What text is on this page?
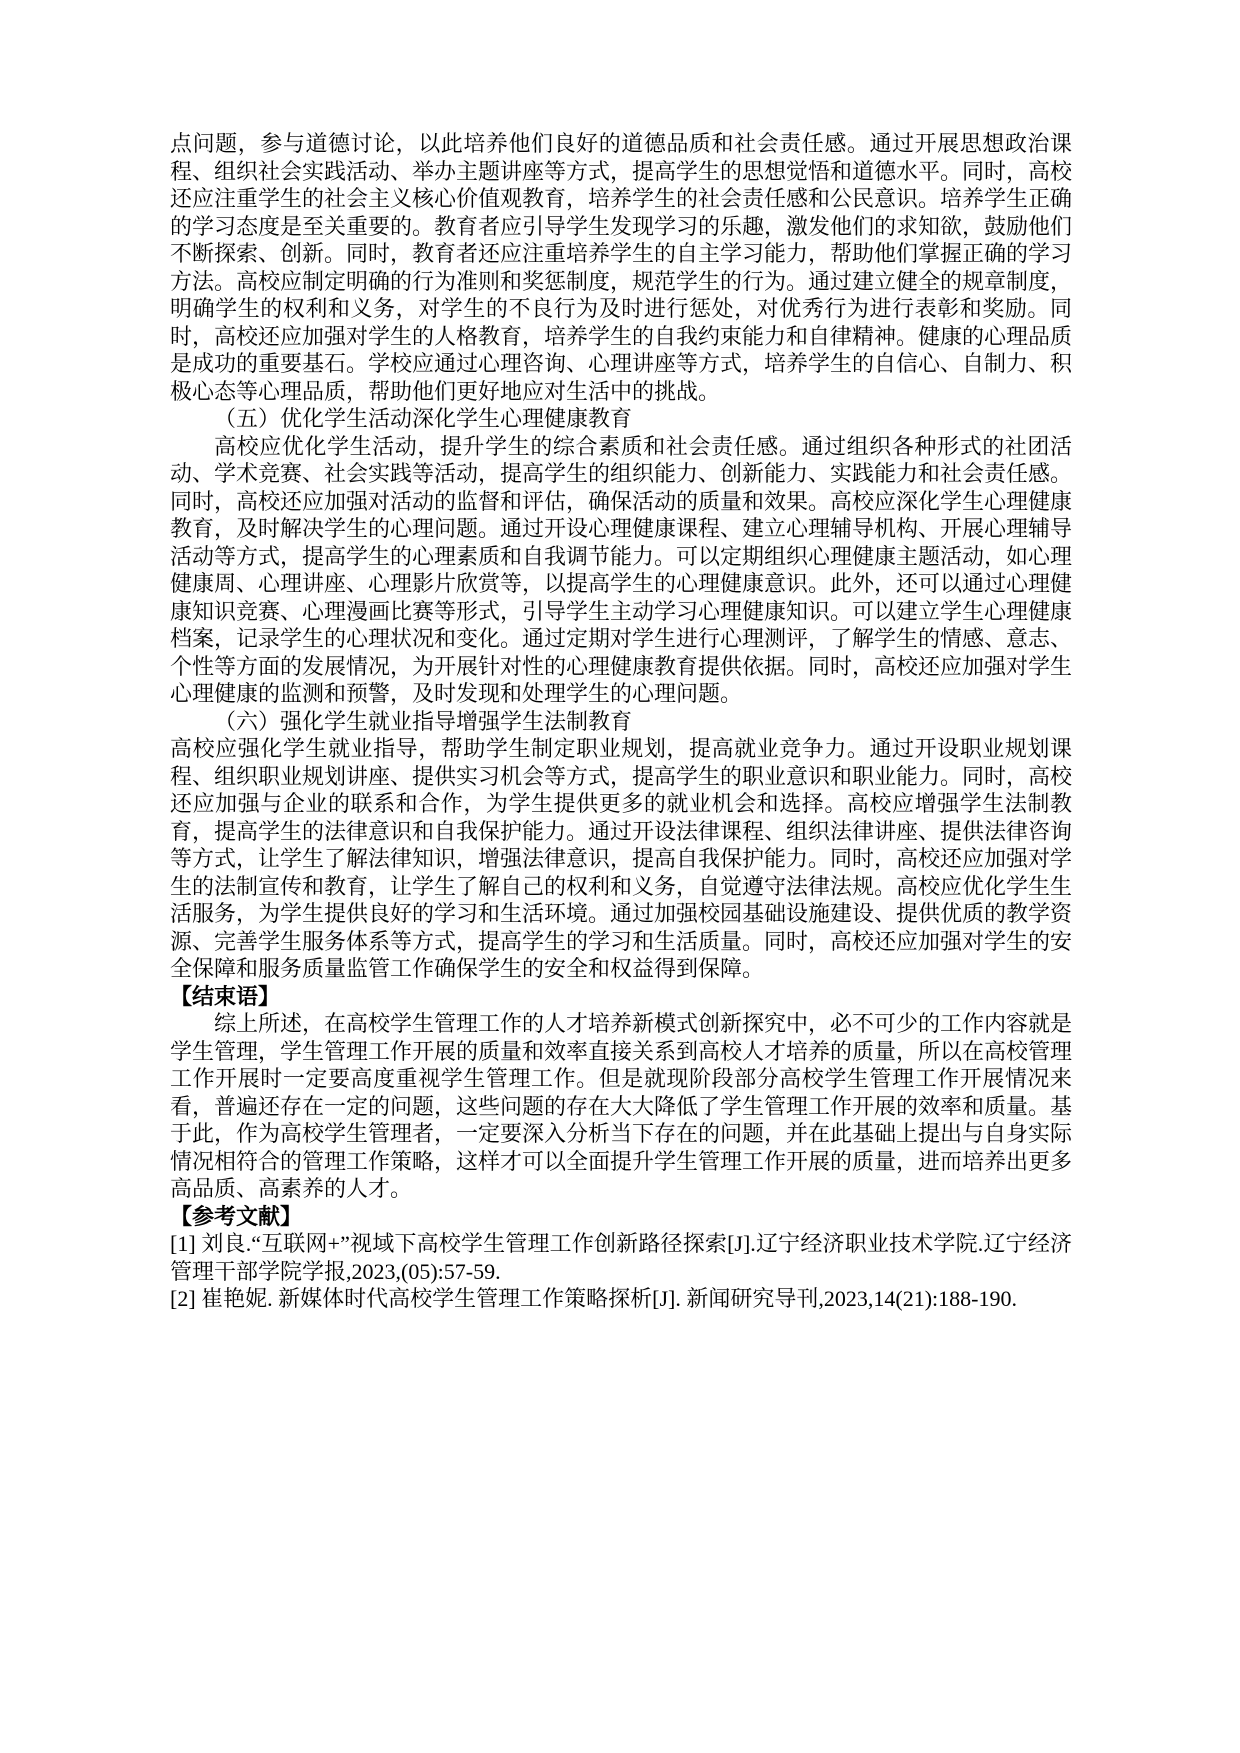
点问题，参与道德讨论，以此培养他们良好的道德品质和社会责任感。通过开展思想政治课程、组织社会实践活动、举办主题讲座等方式，提高学生的思想觉悟和道德水平。同时，高校还应注重学生的社会主义核心价值观教育，培养学生的社会责任感和公民意识。培养学生正确的学习态度是至关重要的。教育者应引导学生发现学习的乐趣，激发他们的求知欲，鼓励他们不断探索、创新。同时，教育者还应注重培养学生的自主学习能力，帮助他们掌握正确的学习方法。高校应制定明确的行为准则和奖惩制度，规范学生的行为。通过建立健全的规章制度，明确学生的权利和义务，对学生的不良行为及时进行惩处，对优秀行为进行表彰和奖励。同时，高校还应加强对学生的人格教育，培养学生的自我约束能力和自律精神。健康的心理品质是成功的重要基石。学校应通过心理咨询、心理讲座等方式，培养学生的自信心、自制力、积极心态等心理品质，帮助他们更好地应对生活中的挑战。

（五）优化学生活动深化学生心理健康教育

高校应优化学生活动，提升学生的综合素质和社会责任感。通过组织各种形式的社团活动、学术竞赛、社会实践等活动，提高学生的组织能力、创新能力、实践能力和社会责任感。同时，高校还应加强对活动的监督和评估，确保活动的质量和效果。高校应深化学生心理健康教育，及时解决学生的心理问题。通过开设心理健康课程、建立心理辅导机构、开展心理辅导活动等方式，提高学生的心理素质和自我调节能力。可以定期组织心理健康主题活动，如心理健康周、心理讲座、心理影片欣赏等，以提高学生的心理健康意识。此外，还可以通过心理健康知识竞赛、心理漫画比赛等形式，引导学生主动学习心理健康知识。可以建立学生心理健康档案，记录学生的心理状况和变化。通过定期对学生进行心理测评，了解学生的情感、意志、个性等方面的发展情况，为开展针对性的心理健康教育提供依据。同时，高校还应加强对学生心理健康的监测和预警，及时发现和处理学生的心理问题。

（六）强化学生就业指导增强学生法制教育

高校应强化学生就业指导，帮助学生制定职业规划，提高就业竞争力。通过开设职业规划课程、组织职业规划讲座、提供实习机会等方式，提高学生的职业意识和职业能力。同时，高校还应加强与企业的联系和合作，为学生提供更多的就业机会和选择。高校应增强学生法制教育，提高学生的法律意识和自我保护能力。通过开设法律课程、组织法律讲座、提供法律咨询等方式，让学生了解法律知识，增强法律意识，提高自我保护能力。同时，高校还应加强对学生的法制宣传和教育，让学生了解自己的权利和义务，自觉遵守法律法规。高校应优化学生生活服务，为学生提供良好的学习和生活环境。通过加强校园基础设施建设、提供优质的教学资源、完善学生服务体系等方式，提高学生的学习和生活质量。同时，高校还应加强对学生的安全保障和服务质量监管工作确保学生的安全和权益得到保障。

【结束语】

综上所述，在高校学生管理工作的人才培养新模式创新探究中，必不可少的工作内容就是学生管理，学生管理工作开展的质量和效率直接关系到高校人才培养的质量，所以在高校管理工作开展时一定要高度重视学生管理工作。但是就现阶段部分高校学生管理工作开展情况来看，普遍还存在一定的问题，这些问题的存在大大降低了学生管理工作开展的效率和质量。基于此，作为高校学生管理者，一定要深入分析当下存在的问题，并在此基础上提出与自身实际情况相符合的管理工作策略，这样才可以全面提升学生管理工作开展的质量，进而培养出更多高品质、高素养的人才。

【参考文献】

[1] 刘良.“互联网+”视域下高校学生管理工作创新路径探索[J].辽宁经济职业技术学院.辽宁经济管理干部学院学报,2023,(05):57-59.

[2] 崔艳妮. 新媒体时代高校学生管理工作策略探析[J]. 新闻研究导刊,2023,14(21):188-190.
